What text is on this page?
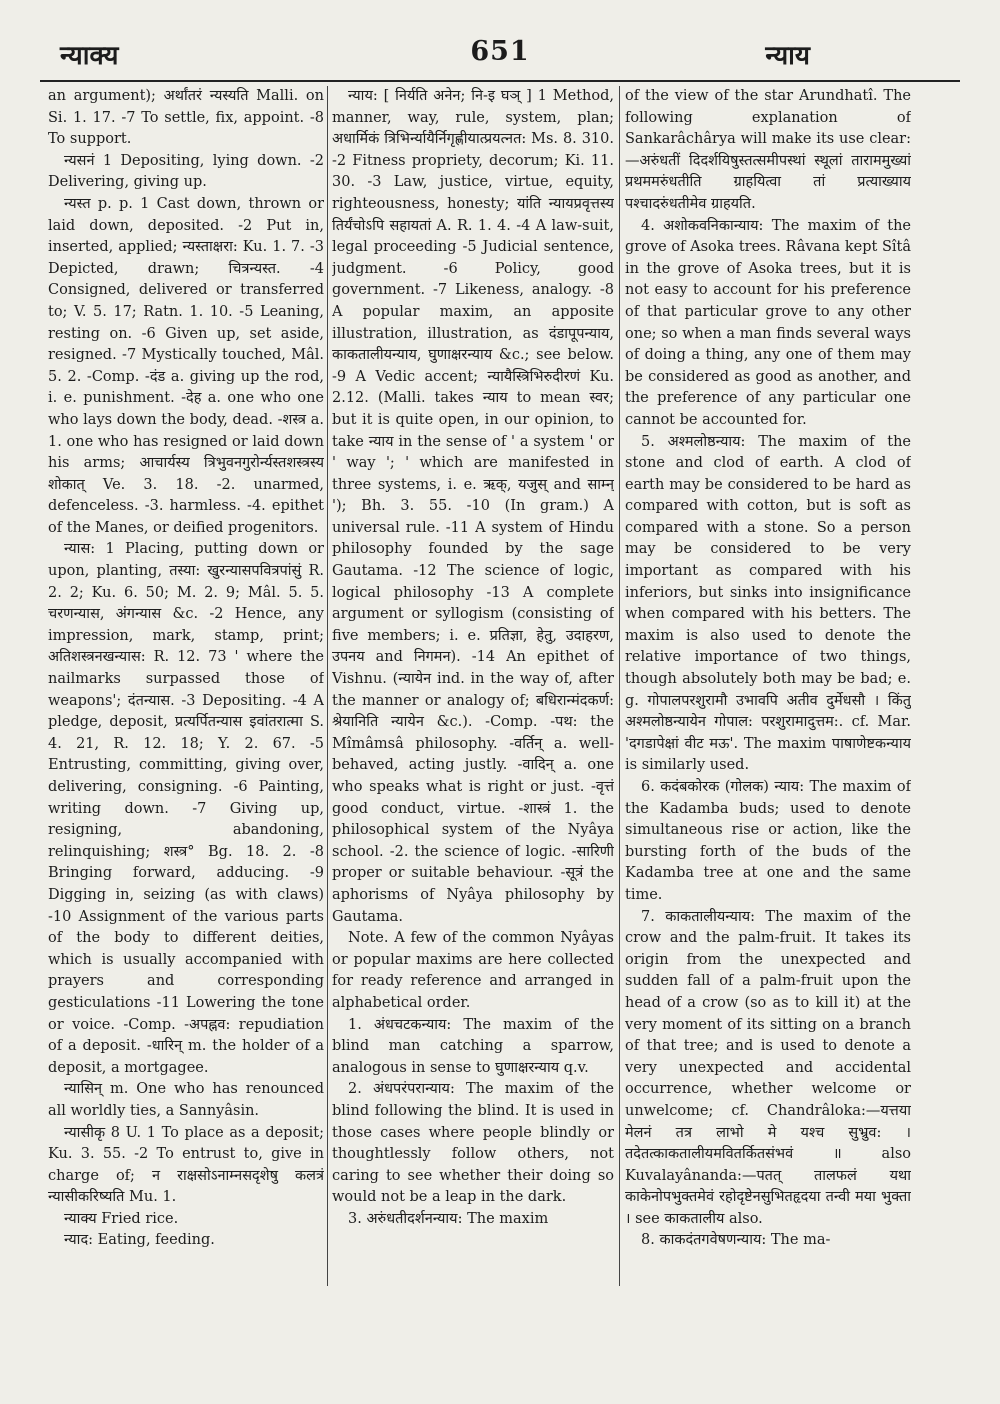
न्याक्य	651	न्याय

an argument); अर्थांतरं न्यस्यति Malli. on Si. 1. 17. -7 To settle, fix, appoint. -8 To support.

न्यसनं 1 Depositing, lying down. -2 Delivering, giving up.

न्यस्त p. p. 1 Cast down, thrown or laid down, deposited. -2 Put in, inserted, applied; न्यस्ताक्षरा: Ku. 1. 7. -3 Depicted, drawn; चित्रन्यस्त. -4 Consigned, delivered or transferred to; V. 5. 17; Ratn. 1. 10. -5 Leaning, resting on. -6 Given up, set aside, resigned. -7 Mystically touched, Mâl. 5. 2. -Comp. -दंड a. giving up the rod, i. e. punishment. -देह a. one who one who lays down the body, dead. -शस्त्र a. 1. one who has resigned or laid down his arms; आचार्यस्य त्रिभुवनगुरोर्न्यस्तशस्त्रस्य शोकात् Ve. 3. 18. -2. unarmed, defenceless. -3. harmless. -4. epithet of the Manes, or deified progenitors.

न्यास: 1 Placing, putting down or upon, planting, तस्या: खुरन्यासपवित्रपांसुं R. 2. 2; Ku. 6. 50; M. 2. 9; Mâl. 5. 5. चरणन्यास, अंगन्यास &c. -2 Hence, any impression, mark, stamp, print; अतिशस्त्रनखन्यास: R. 12. 73 ' where the nailmarks surpassed those of weapons'; दंतन्यास. -3 Depositing. -4 A pledge, deposit, प्रत्यर्पितन्यास इवांतरात्मा S. 4. 21, R. 12. 18; Y. 2. 67. -5 Entrusting, committing, giving over, delivering, consigning. -6 Painting, writing down. -7 Giving up, resigning, abandoning, relinquishing; शस्त्र° Bg. 18. 2. -8 Bringing forward, adducing. -9 Digging in, seizing (as with claws) -10 Assignment of the various parts of the body to different deities, which is usually accompanied with prayers and corresponding gesticulations -11 Lowering the tone or voice. -Comp. -अपह्नव: repudiation of a deposit. -धारिन् m. the holder of a deposit, a mortgagee.

न्यासिन् m. One who has renounced all worldly ties, a Sannyâsin.

न्यासीकृ 8 U. 1 To place as a deposit; Ku. 3. 55. -2 To entrust to, give in charge of; न राक्षसोऽनाम्नसदृशेषु कलत्रं न्यासीकरिष्यति Mu. 1.

न्याक्य Fried rice.

न्याद: Eating, feeding.

न्याय: [ निर्यति अनेन; नि-इ घञ् ] 1 Method, manner, way, rule, system, plan; अधार्मिकं त्रिभिर्न्यायैर्निगृह्णीयात्प्रयत्नत: Ms. 8. 310. -2 Fitness propriety, decorum; Ki. 11. 30. -3 Law, justice, virtue, equity, righteousness, honesty; यांति न्यायप्रवृत्तस्य तिर्यंचोऽपि सहायतां A. R. 1. 4. -4 A law-suit, legal proceeding -5 Judicial sentence, judgment. -6 Policy, good government. -7 Likeness, analogy. -8 A popular maxim, an apposite illustration, illustration, as दंडापूपन्याय, काकतालीयन्याय, घुणाक्षरन्याय &c.; see below. -9 A Vedic accent; न्यायैस्त्रिभिरुदीरणं Ku. 2.12. (Malli. takes न्याय to mean स्वर; but it is quite open, in our opinion, to take न्याय in the sense of ' a system ' or ' way '; ' which are manifested in three systems, i. e. ऋक्, यजुस् and साम्न् '); Bh. 3. 55. -10 (In gram.) A universal rule. -11 A system of Hindu philosophy founded by the sage Gautama. -12 The science of logic, logical philosophy -13 A complete argument or syllogism (consisting of five members; i. e. प्रतिज्ञा, हेतु, उदाहरण, उपनय and निगमन). -14 An epithet of Vishnu. (न्यायेन ind. in the way of, after the manner or analogy of; बधिरान्मंदकर्ण: श्रेयानिति न्यायेन &c.). -Comp. -पथ: the Mîmâmsâ philosophy. -वर्तिन् a. well-behaved, acting justly. -वादिन् a. one who speaks what is right or just. -वृत्तं good conduct, virtue. -शास्त्रं 1. the philosophical system of the Nyâya school. -2. the science of logic. -सारिणी proper or suitable behaviour. -सूत्रं the aphorisms of Nyâya philosophy by Gautama.

Note. A few of the common Nyâyas or popular maxims are here collected for ready reference and arranged in alphabetical order.

1. अंधचटकन्याय: The maxim of the blind man catching a sparrow, analogous in sense to घुणाक्षरन्याय q.v.

2. अंधपरंपरान्याय: The maxim of the blind following the blind. It is used in those cases where people blindly or thoughtlessly follow others, not caring to see whether their doing so would not be a leap in the dark.

3. अरुंधतीदर्शनन्याय: The maxim

of the view of the star Arundhatî. The following explanation of Sankarâchârya will make its use clear:—अरुंधतीं दिदर्शयिषुस्तत्समीपस्थां स्थूलां ताराममुख्यां प्रथममरुंधतीति ग्राहयित्वा तां प्रत्याख्याय पश्चादरुंधतीमेव ग्राहयति.

4. अशोकवनिकान्याय: The maxim of the grove of Asoka trees. Râvana kept Sîtâ in the grove of Asoka trees, but it is not easy to account for his preference of that particular grove to any other one; so when a man finds several ways of doing a thing, any one of them may be considered as good as another, and the preference of any particular one cannot be accounted for.

5. अश्मलोष्ठन्याय: The maxim of the stone and clod of earth. A clod of earth may be considered to be hard as compared with cotton, but is soft as compared with a stone. So a person may be considered to be very important as compared with his inferiors, but sinks into insignificance when compared with his betters. The maxim is also used to denote the relative importance of two things, though absolutely both may be bad; e. g. गोपालपरशुरामौ उभावपि अतीव दुर्मेधसौ । किंतु अश्मलोष्ठन्यायेन गोपाल: परशुरामादुत्तम:. cf. Mar. 'दगडापेक्षां वीट मऊ'. The maxim पाषाणेष्टकन्याय is similarly used.

6. कदंबकोरक (गोलक) न्याय: The maxim of the Kadamba buds; used to denote simultaneous rise or action, like the bursting forth of the buds of the Kadamba tree at one and the same time.

7. काकतालीयन्याय: The maxim of the crow and the palm-fruit. It takes its origin from the unexpected and sudden fall of a palm-fruit upon the head of a crow (so as to kill it) at the very moment of its sitting on a branch of that tree; and is used to denote a very unexpected and accidental occurrence, whether welcome or unwelcome; cf. Chandrâloka:—यत्तया मेलनं तत्र लाभो मे यश्च सुभ्रुव: । तदेतत्काकतालीयमवितर्कितसंभवं ॥ also Kuvalayânanda:—पतत् तालफलं यथा काकेनोपभुक्तमेवं रहोदृष्टेनसुभितहृदया तन्वी मया भुक्ता । see काकतालीय also.

8. काकदंतगवेषणन्याय: The ma-
